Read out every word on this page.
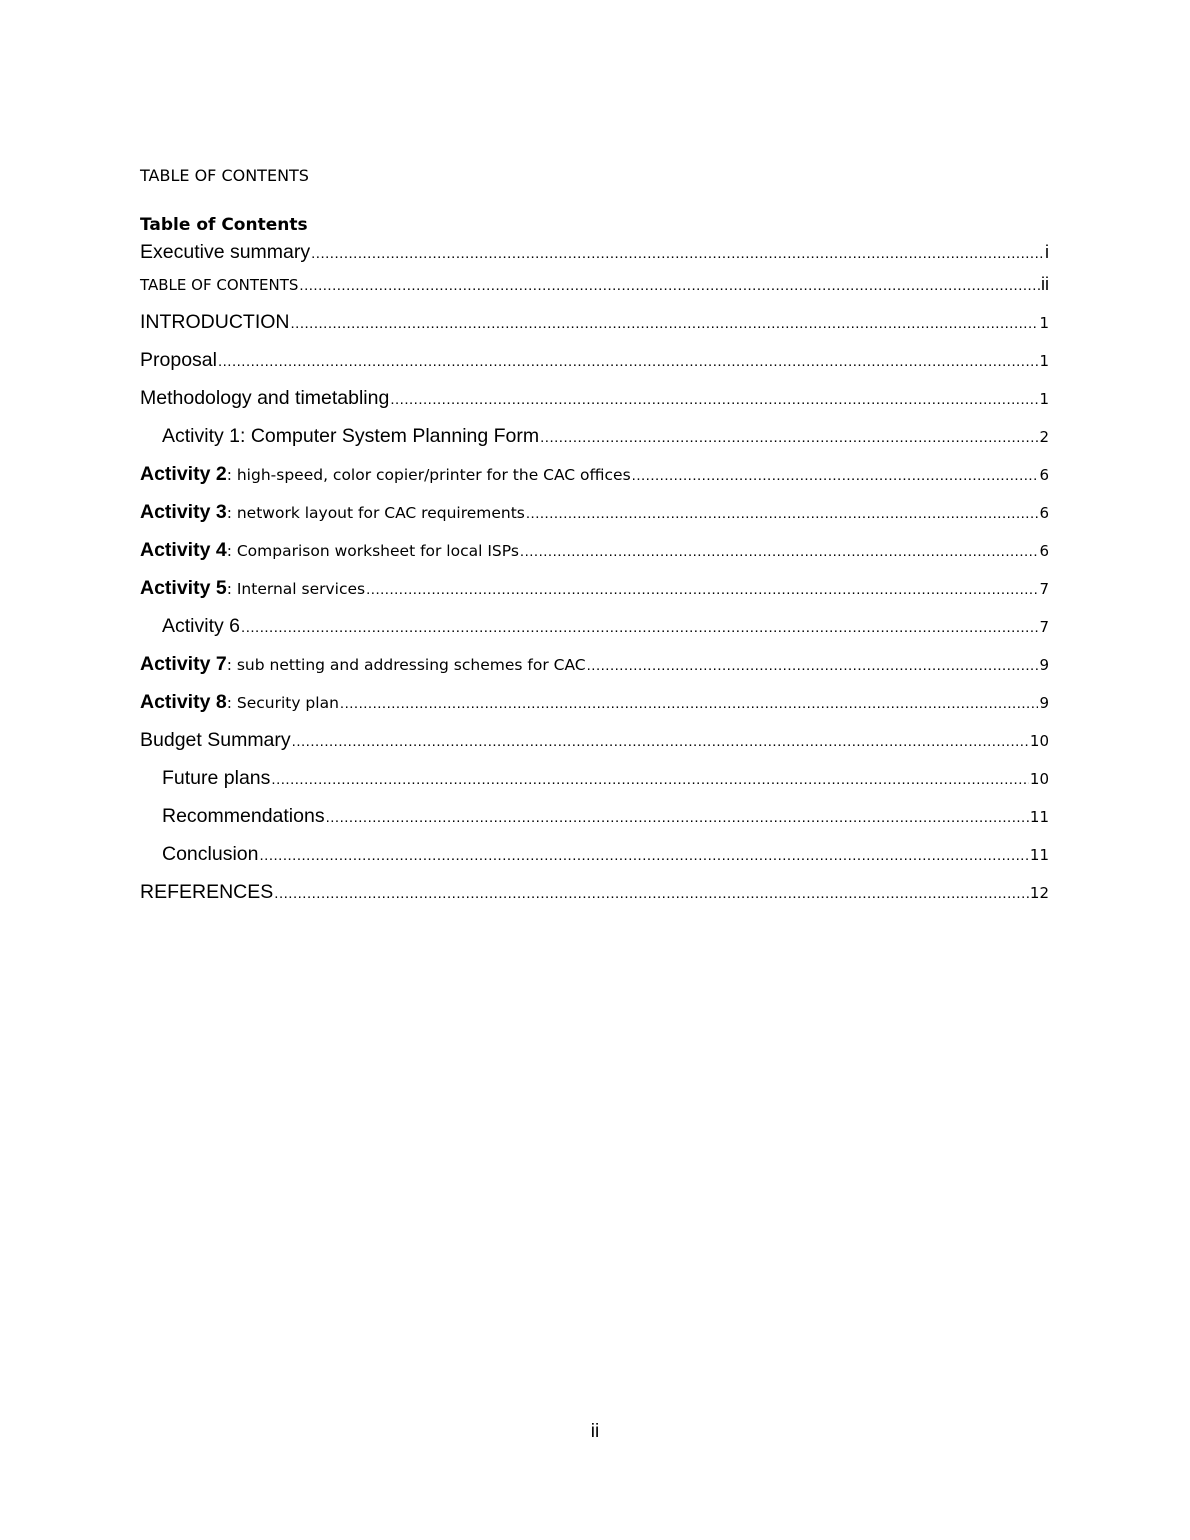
TABLE OF CONTENTS
Table of Contents
Executive summary .....	i
TABLE OF CONTENTS .....	ii
INTRODUCTION .....	1
Proposal .....	1
Methodology and timetabling .....	1
Activity 1: Computer System Planning Form .....	2
Activity 2: high-speed, color copier/printer for the CAC offices .....	6
Activity 3: network layout for CAC requirements .....	6
Activity 4: Comparison worksheet for local ISPs .....	6
Activity 5: Internal services .....	7
Activity 6 .....	7
Activity 7: sub netting and addressing schemes for CAC .....	9
Activity 8: Security plan .....	9
Budget Summary .....	10
Future plans .....	10
Recommendations .....	11
Conclusion .....	11
REFERENCES .....	12
ii
